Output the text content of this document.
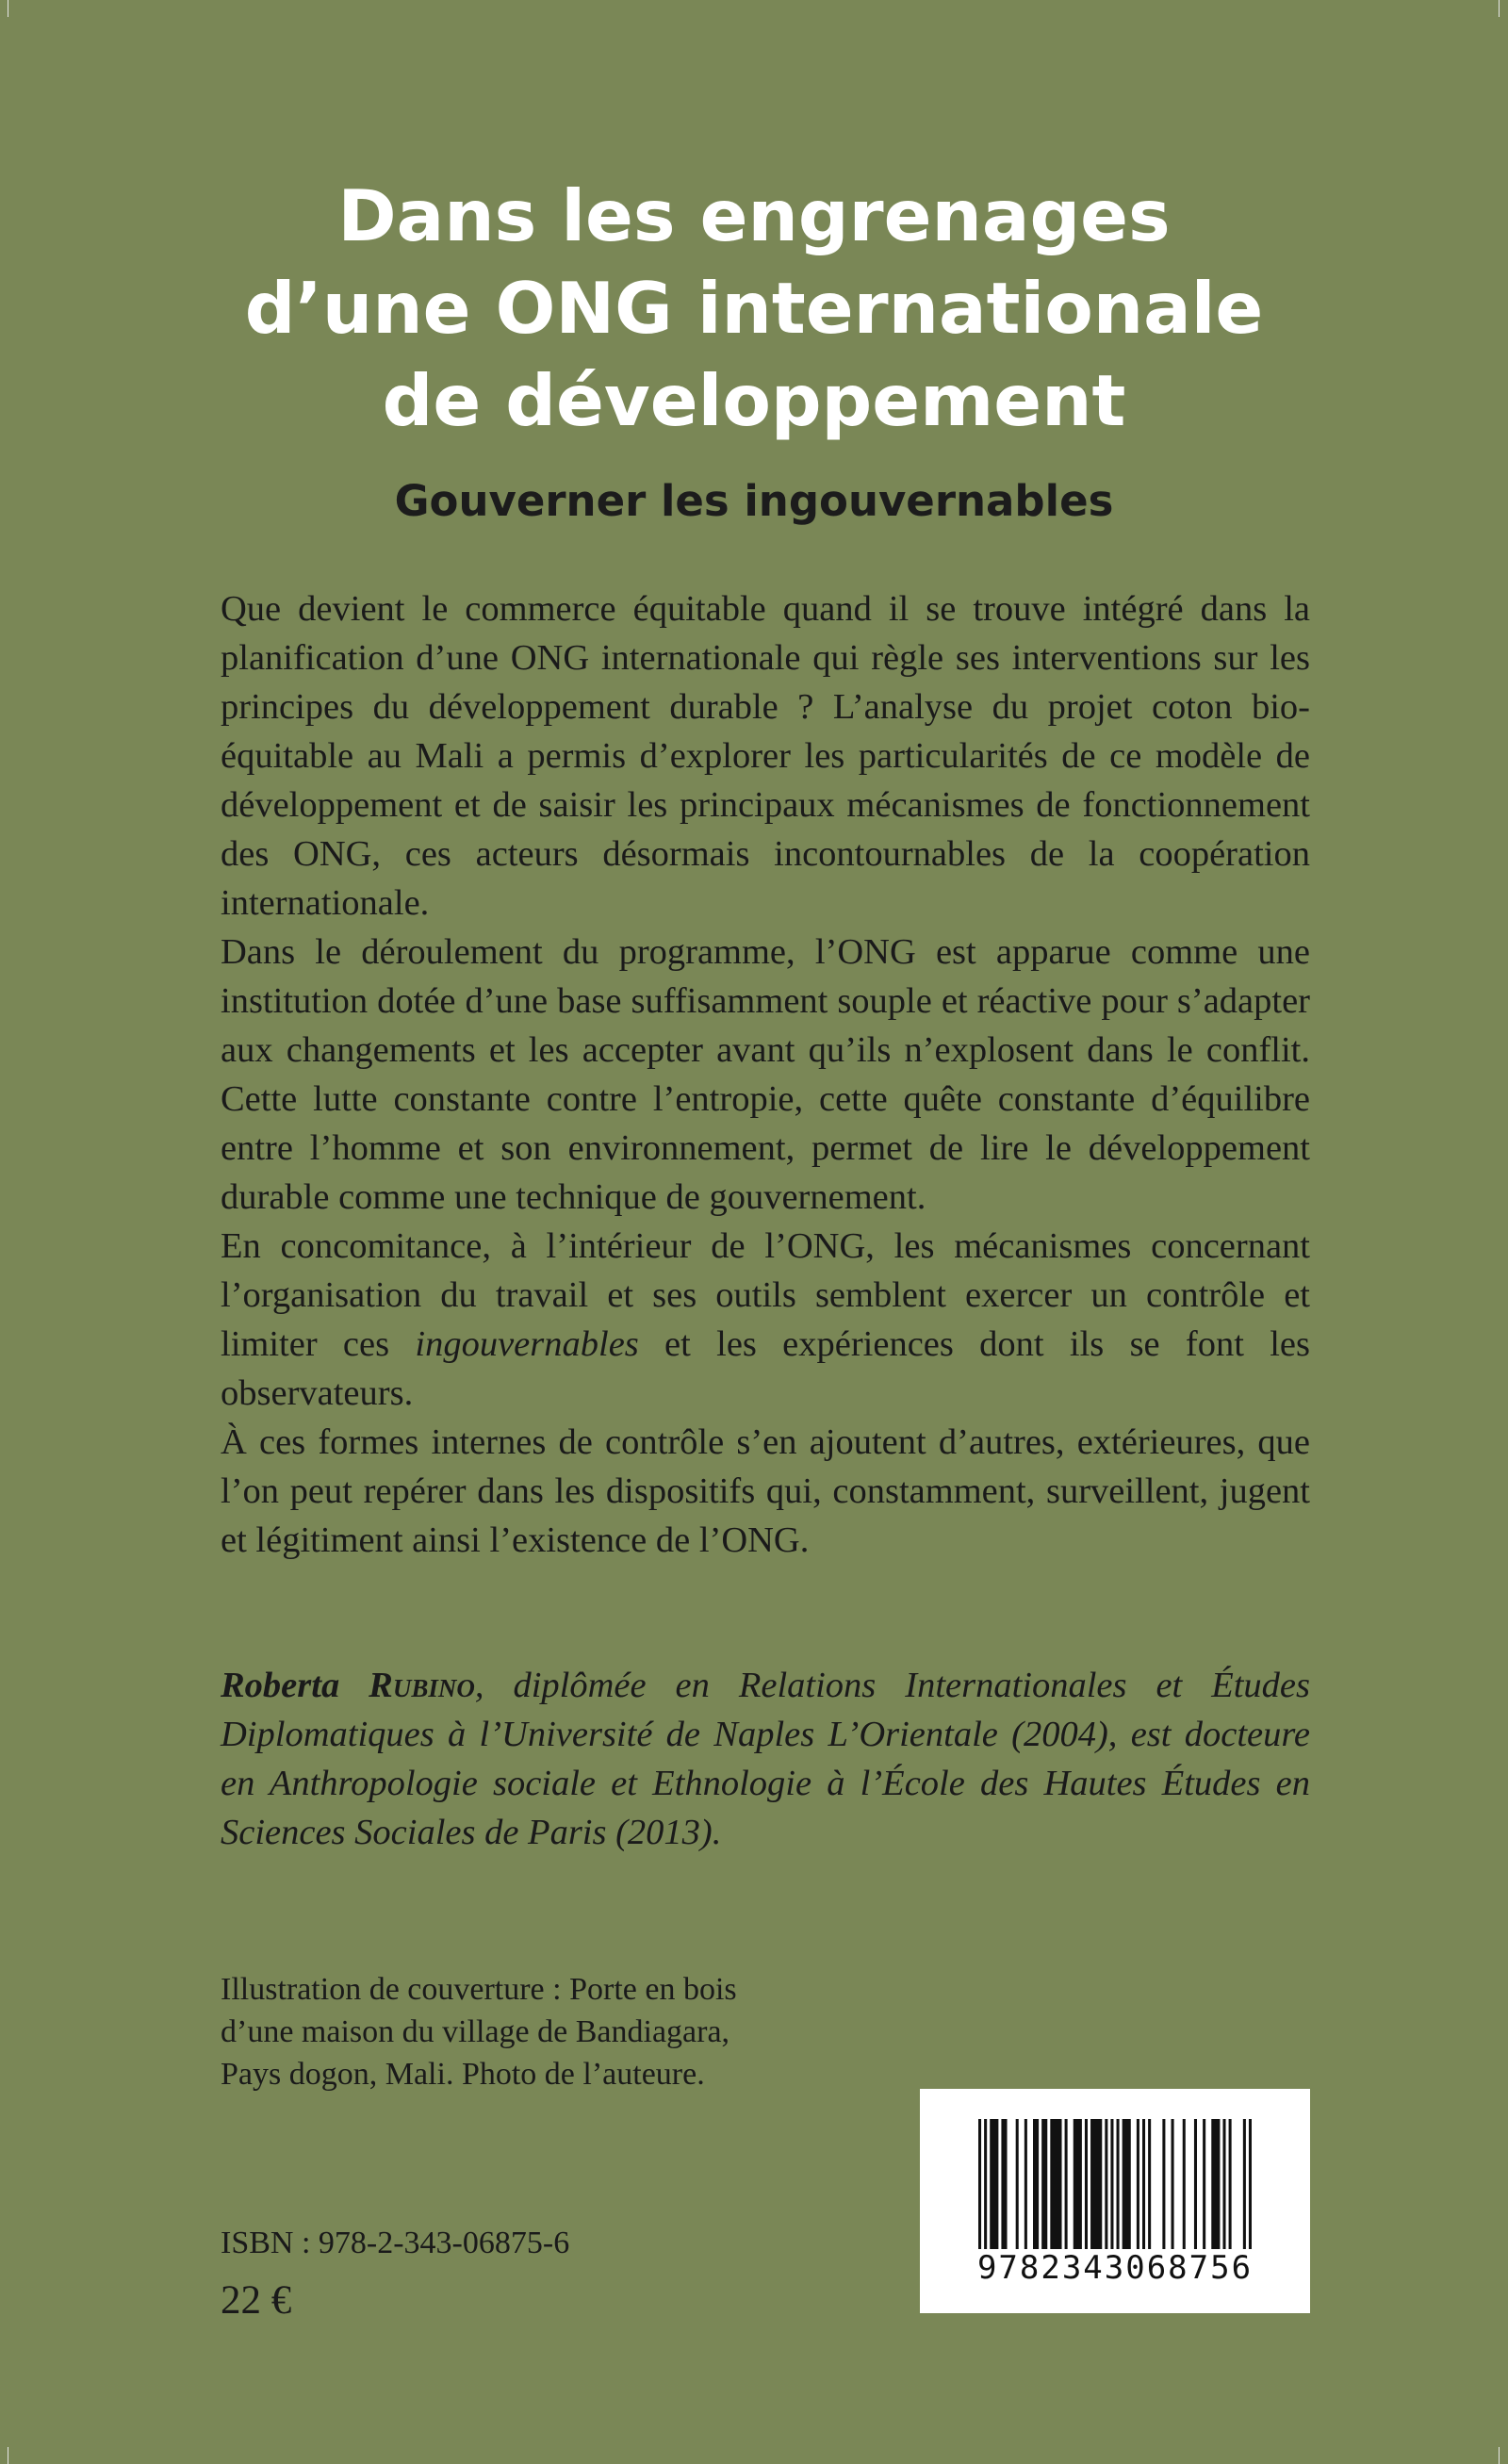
Dans les engrenages
d’une ONG internationale
de développement
Gouverner les ingouvernables

Que devient le commerce équitable quand il se trouve intégré dans la planification d’une ONG internationale qui règle ses interventions sur les principes du développement durable ? L’analyse du projet coton bio-équitable au Mali a permis d’explorer les particularités de ce modèle de développement et de saisir les principaux mécanismes de fonctionnement des ONG, ces acteurs désormais incontournables de la coopération internationale.

Dans le déroulement du programme, l’ONG est apparue comme une institution dotée d’une base suffisamment souple et réactive pour s’adapter aux changements et les accepter avant qu’ils n’explosent dans le conflit. Cette lutte constante contre l’entropie, cette quête constante d’équilibre entre l’homme et son environnement, permet de lire le développement durable comme une technique de gouvernement.

En concomitance, à l’intérieur de l’ONG, les mécanismes concernant l’organisation du travail et ses outils semblent exercer un contrôle et limiter ces ingouvernables et les expériences dont ils se font les observateurs.

À ces formes internes de contrôle s’en ajoutent d’autres, extérieures, que l’on peut repérer dans les dispositifs qui, constamment, surveillent, jugent et légitiment ainsi l’existence de l’ONG.

Roberta Rubino, diplômée en Relations Internationales et Études Diplomatiques à l’Université de Naples L’Orientale (2004), est docteure en Anthropologie sociale et Ethnologie à l’École des Hautes Études en Sciences Sociales de Paris (2013).

Illustration de couverture : Porte en bois
d’une maison du village de Bandiagara,
Pays dogon, Mali. Photo de l’auteure.

ISBN : 978-2-343-06875-6

22 €

9782343068756
